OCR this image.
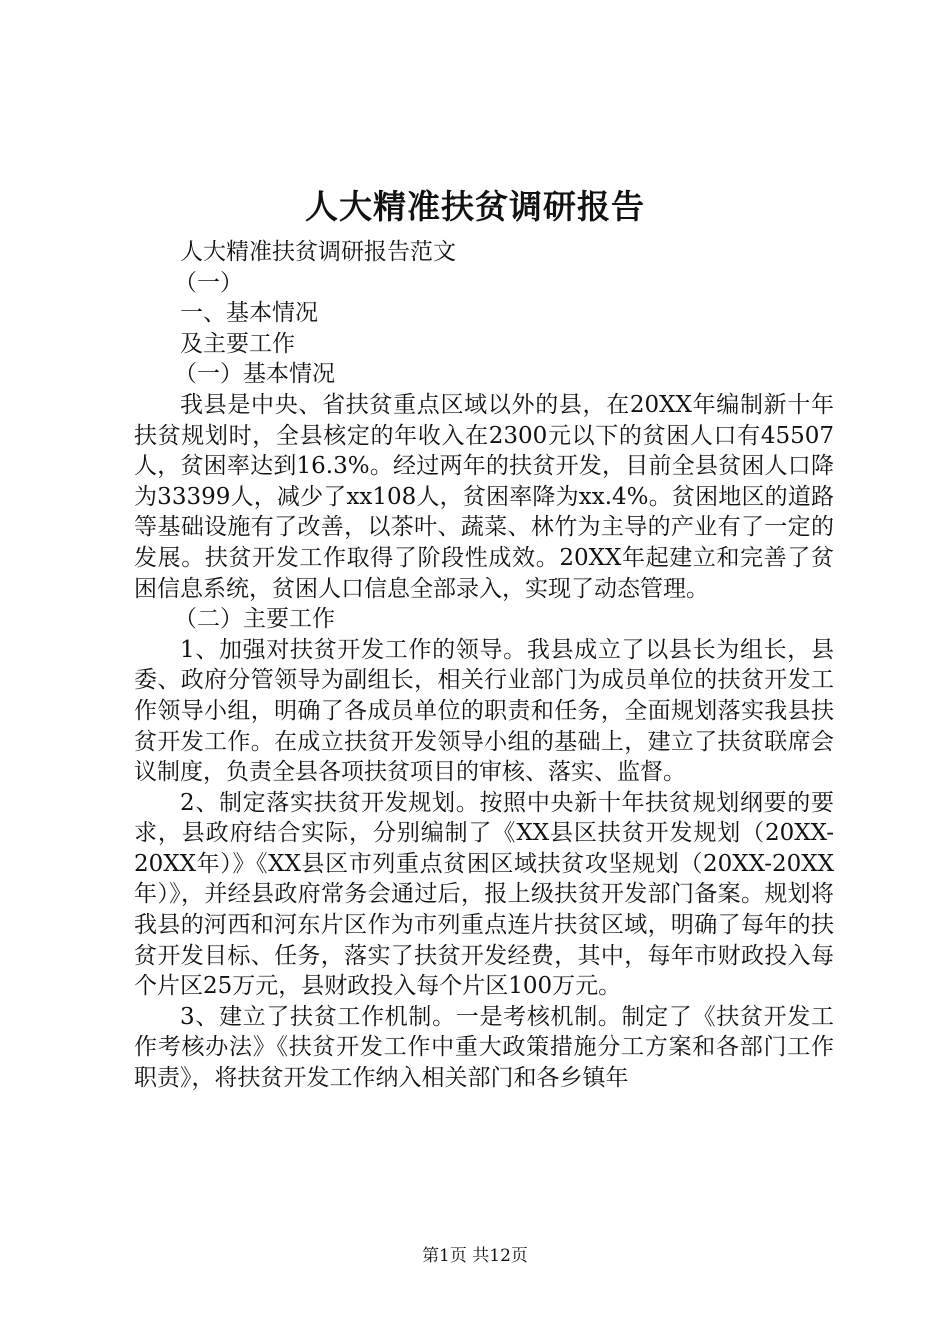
人大精准扶贫调研报告
人大精准扶贫调研报告范文
（一）
一、基本情况
及主要工作
（一）基本情况

我县是中央、省扶贫重点区域以外的县，在20XX年编制新十年扶贫规划时，全县核定的年收入在2300元以下的贫困人口有45507人，贫困率达到16.3%。经过两年的扶贫开发，目前全县贫困人口降为33399人，减少了xx108人，贫困率降为xx.4%。贫困地区的道路等基础设施有了改善，以茶叶、蔬菜、林竹为主导的产业有了一定的发展。扶贫开发工作取得了阶段性成效。20XX年起建立和完善了贫困信息系统，贫困人口信息全部录入，实现了动态管理。

（二）主要工作

1、加强对扶贫开发工作的领导。我县成立了以县长为组长，县委、政府分管领导为副组长，相关行业部门为成员单位的扶贫开发工作领导小组，明确了各成员单位的职责和任务，全面规划落实我县扶贫开发工作。在成立扶贫开发领导小组的基础上，建立了扶贫联席会议制度，负责全县各项扶贫项目的审核、落实、监督。

2、制定落实扶贫开发规划。按照中央新十年扶贫规划纲要的要求，县政府结合实际，分别编制了《XX县区扶贫开发规划（20XX-20XX年）》《XX县区市列重点贫困区域扶贫攻坚规划（20XX-20XX年）》，并经县政府常务会通过后，报上级扶贫开发部门备案。规划将我县的河西和河东片区作为市列重点连片扶贫区域，明确了每年的扶贫开发目标、任务，落实了扶贫开发经费，其中，每年市财政投入每个片区25万元，县财政投入每个片区100万元。

3、建立了扶贫工作机制。一是考核机制。制定了《扶贫开发工作考核办法》《扶贫开发工作中重大政策措施分工方案和各部门工作职责》，将扶贫开发工作纳入相关部门和各乡镇年

第1页 共12页
